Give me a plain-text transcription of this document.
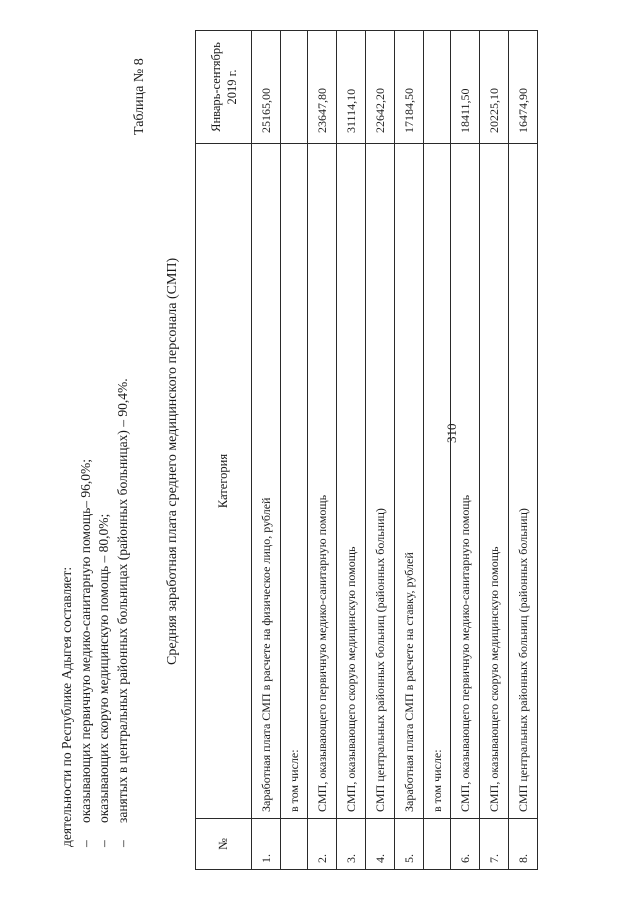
310
деятельности по Республике Адыгея составляет: –оказывающих первичную медико-санитарную помощь– 96,0%;
–оказывающих скорую медицинскую помощь – 80,0%;
–занятых в центральных районных больницах (районных больницах) – 90,4%.
Таблица № 8
Средняя заработная плата среднего медицинского персонала (СМП)
№	Категория	Январь-сентябрь 2019 г.

1.	Заработная плата СМП в расчете на физическое лицо, рублей	25165,00
	в том числе:	
2.	СМП, оказывающего первичную медико-санитарную помощь	23647,80
3.	СМП, оказывающего скорую медицинскую помощь	31114,10
4.	СМП центральных районных больниц (районных больниц)	22642,20
5.	Заработная плата СМП в расчете на ставку, рублей	17184,50
	в том числе:	
6.	СМП, оказывающего первичную медико-санитарную помощь	18411,50
7.	СМП, оказывающего скорую медицинскую помощь	20225,10
8.	СМП центральных районных больниц (районных больниц)	16474,90
